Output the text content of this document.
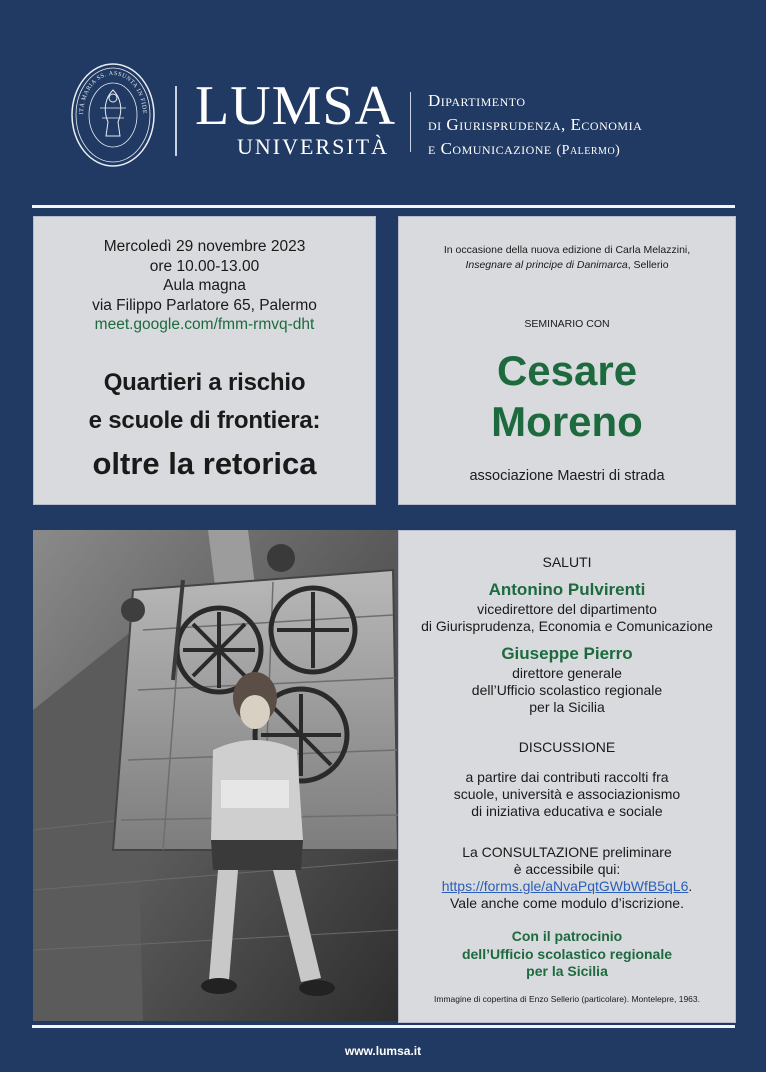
ITÀ MARIA SS. ASSUNTA IN FIDE LUMSA
UNIVERSITÀ
Dipartimento
di Giurisprudenza, Economia
e Comunicazione (Palermo)
Mercoledì 29 novembre 2023
ore 10.00-13.00
Aula magna
via Filippo Parlatore 65, Palermo
meet.google.com/fmm-rmvq-dht
Quartieri a rischio
e scuole di frontiera:
oltre la retorica
In occasione della nuova edizione di Carla Melazzini,
Insegnare al principe di Danimarca, Sellerio
SEMINARIO CON
Cesare
Moreno
associazione Maestri di strada
SALUTI
Antonino Pulvirenti
vicedirettore del dipartimento
di Giurisprudenza, Economia e Comunicazione
Giuseppe Pierro
direttore generale
dell’Ufficio scolastico regionale
per la Sicilia
DISCUSSIONE
a partire dai contributi raccolti fra
scuole, università e associazionismo
di iniziativa educativa e sociale
La CONSULTAZIONE preliminare
è accessibile qui:
https://forms.gle/aNvaPqtGWbWfB5qL6.
Vale anche come modulo d’iscrizione.
Con il patrocinio
dell’Ufficio scolastico regionale
per la Sicilia
Immagine di copertina di Enzo Sellerio (particolare). Montelepre, 1963.
www.lumsa.it
